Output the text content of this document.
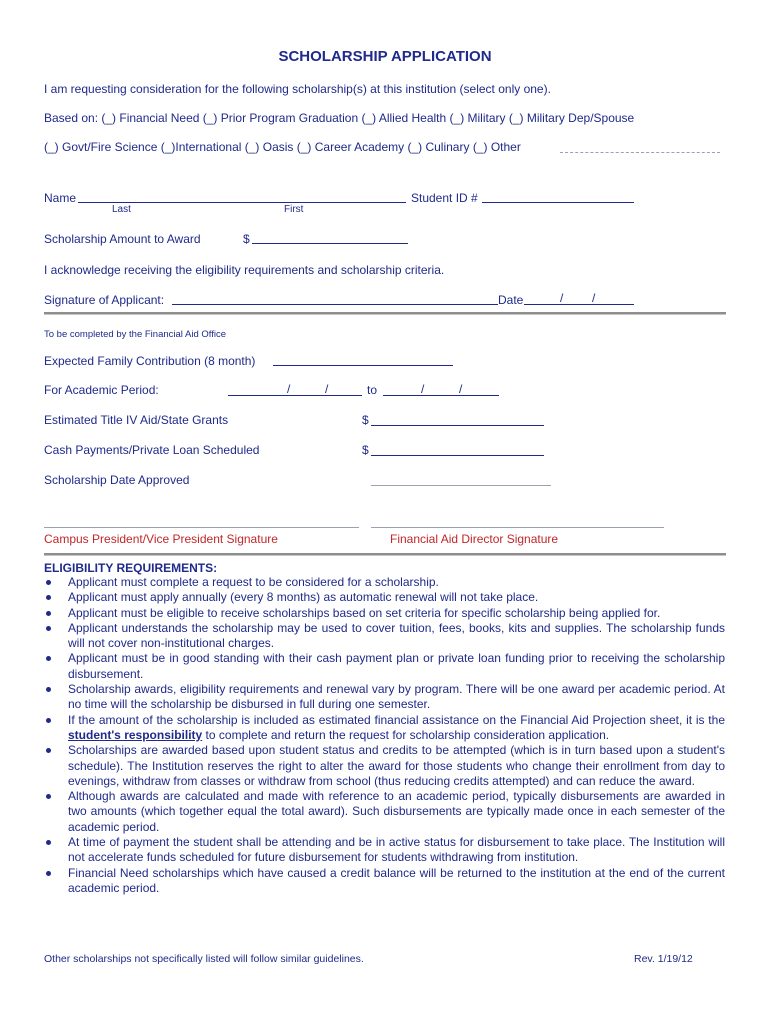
SCHOLARSHIP APPLICATION
I am requesting consideration for the following scholarship(s) at this institution (select only one).
Based on: (_) Financial Need (_) Prior Program Graduation (_) Allied Health (_) Military (_) Military Dep/Spouse
(_) Govt/Fire Science (_)International (_) Oasis (_) Career Academy (_) Culinary (_) Other
Name
Last	First
Student ID #
Scholarship Amount to Award	$
I acknowledge receiving the eligibility requirements and scholarship criteria.
Signature of Applicant:	Date	/ /
To be completed by the Financial Aid Office
Expected Family Contribution (8 month)
For Academic Period:	/	/	to	/	/
Estimated Title IV Aid/State Grants	$
Cash Payments/Private Loan Scheduled	$
Scholarship Date Approved
Campus President/Vice President Signature	Financial Aid Director Signature
ELIGIBILITY REQUIREMENTS:
Applicant must complete a request to be considered for a scholarship.
Applicant must apply annually (every 8 months) as automatic renewal will not take place.
Applicant must be eligible to receive scholarships based on set criteria for specific scholarship being applied for.
Applicant understands the scholarship may be used to cover tuition, fees, books, kits and supplies. The scholarship funds will not cover non-institutional charges.
Applicant must be in good standing with their cash payment plan or private loan funding prior to receiving the scholarship disbursement.
Scholarship awards, eligibility requirements and renewal vary by program. There will be one award per academic period. At no time will the scholarship be disbursed in full during one semester.
If the amount of the scholarship is included as estimated financial assistance on the Financial Aid Projection sheet, it is the student's responsibility to complete and return the request for scholarship consideration application.
Scholarships are awarded based upon student status and credits to be attempted (which is in turn based upon a student's schedule). The Institution reserves the right to alter the award for those students who change their enrollment from day to evenings, withdraw from classes or withdraw from school (thus reducing credits attempted) and can reduce the award.
Although awards are calculated and made with reference to an academic period, typically disbursements are awarded in two amounts (which together equal the total award). Such disbursements are typically made once in each semester of the academic period.
At time of payment the student shall be attending and be in active status for disbursement to take place. The Institution will not accelerate funds scheduled for future disbursement for students withdrawing from institution.
Financial Need scholarships which have caused a credit balance will be returned to the institution at the end of the current academic period.
Other scholarships not specifically listed will follow similar guidelines.	Rev. 1/19/12
